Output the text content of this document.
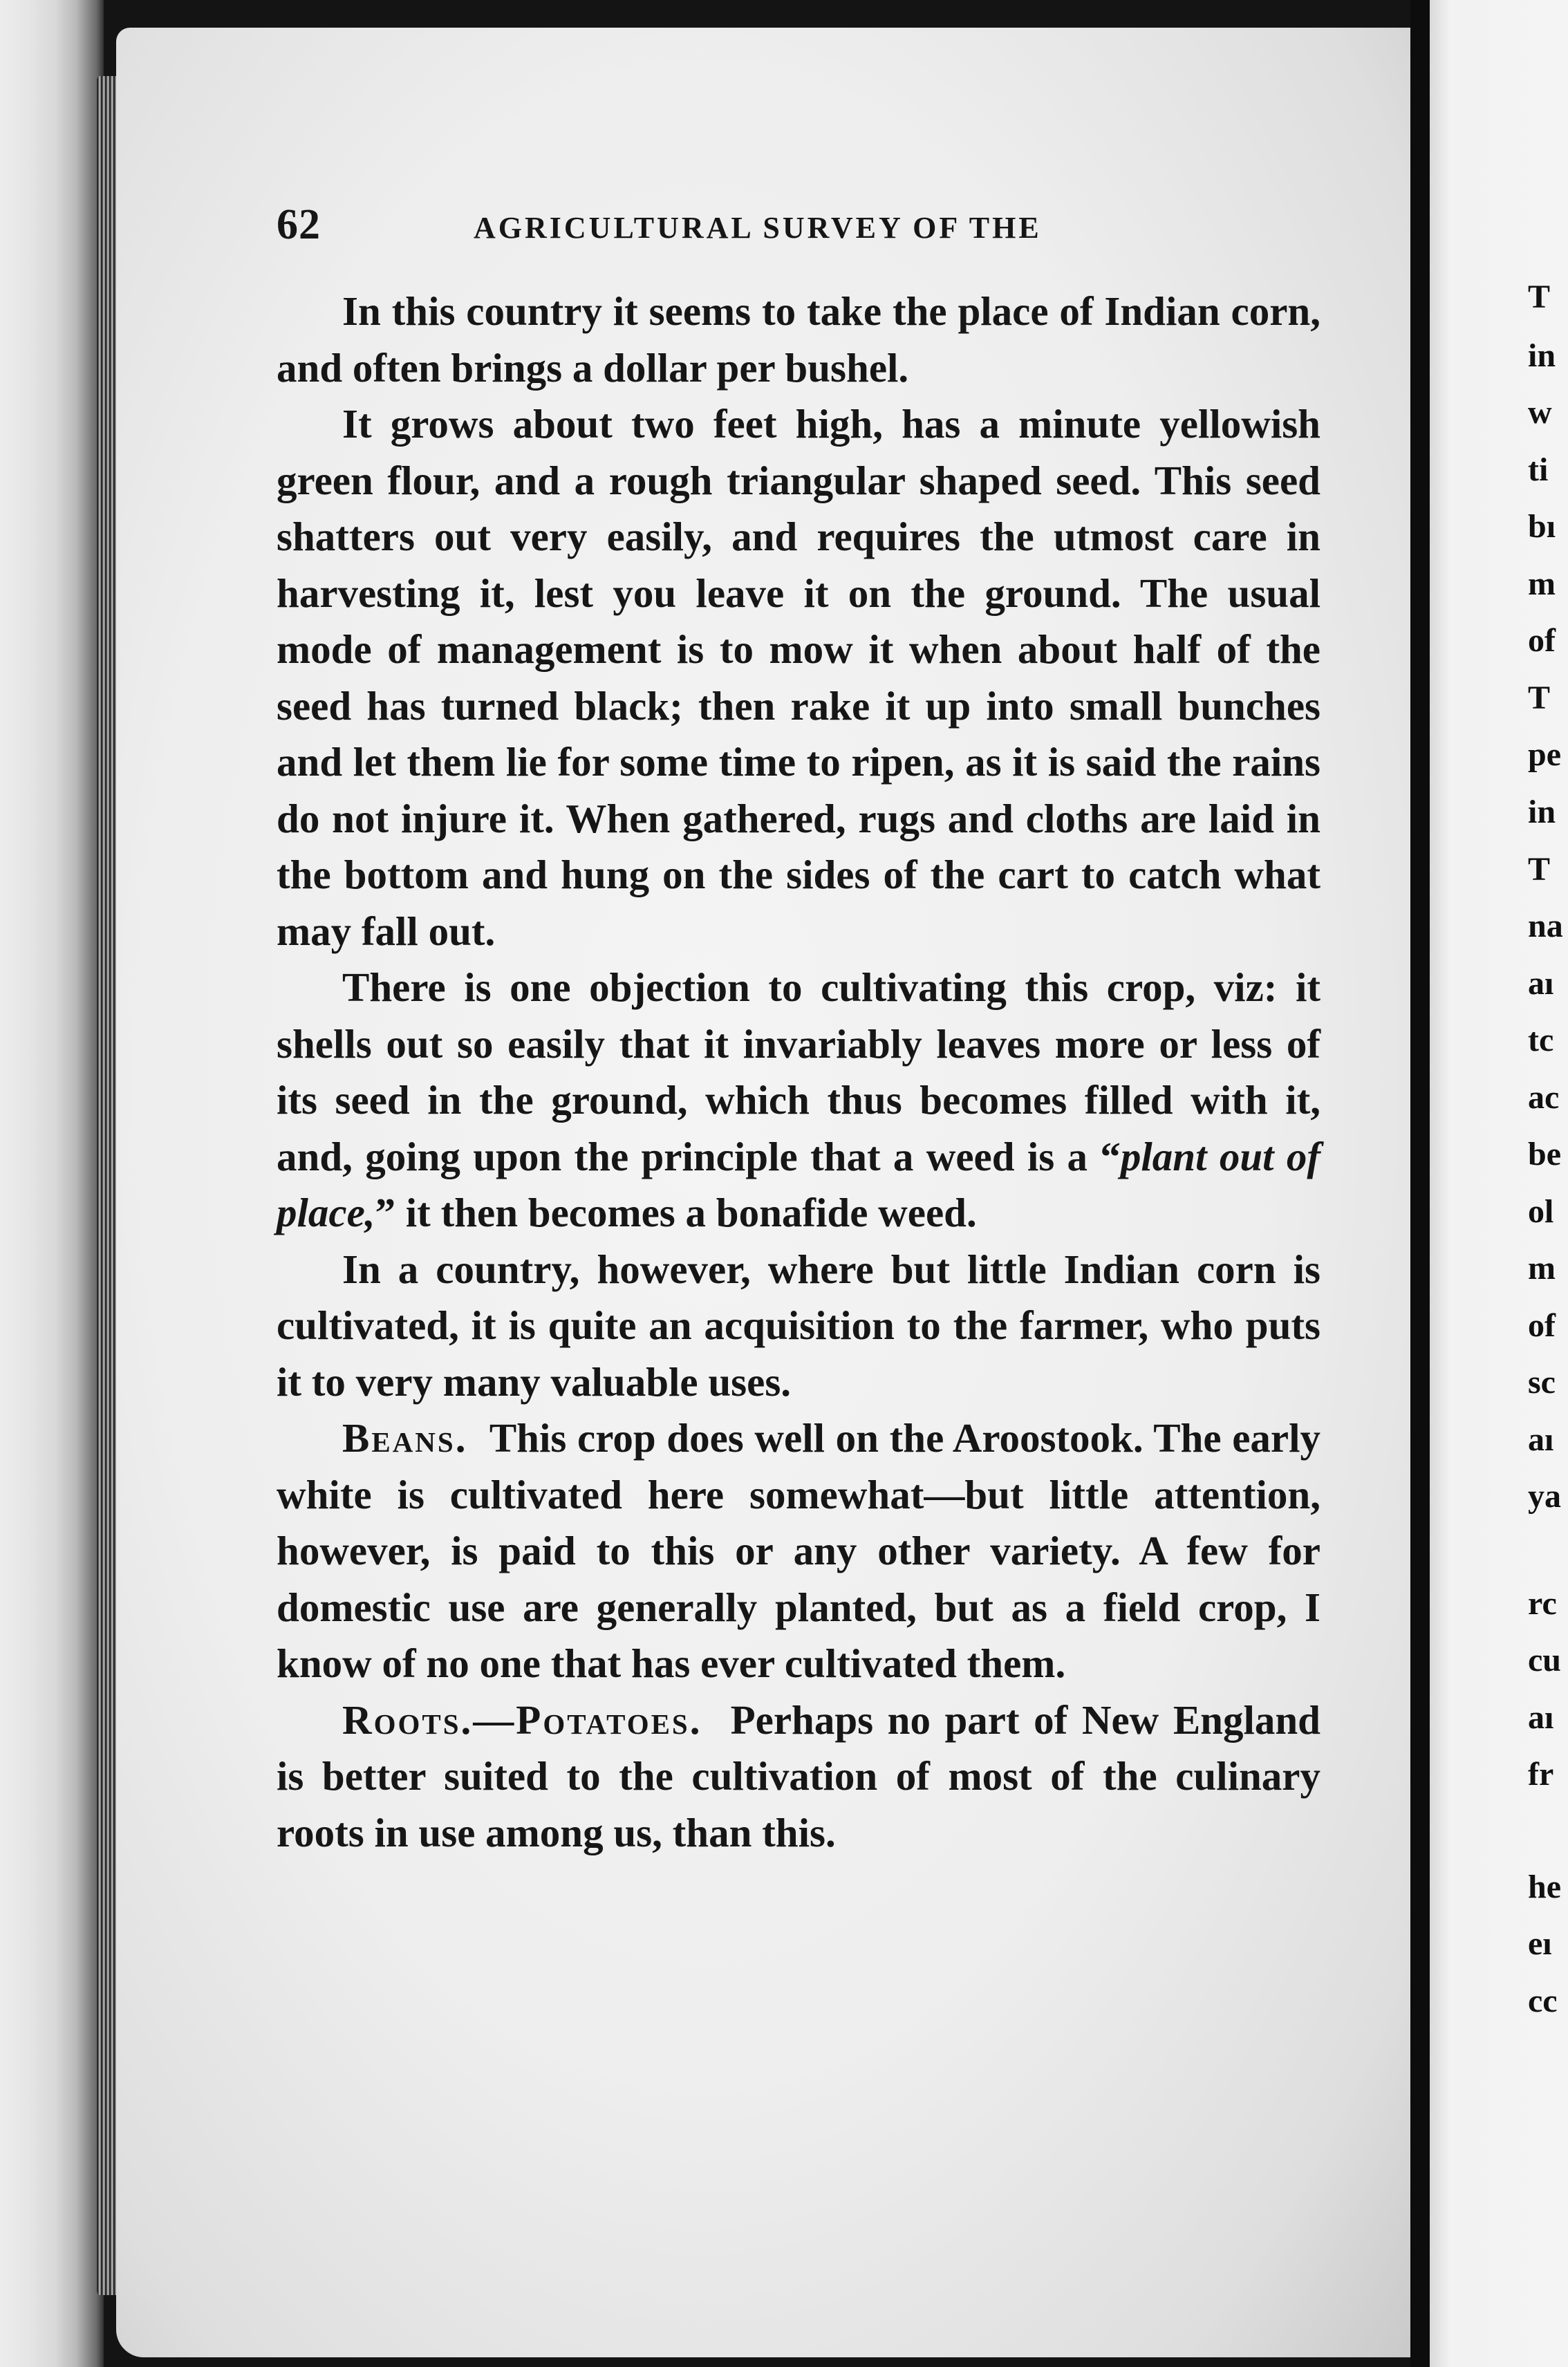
62	AGRICULTURAL SURVEY OF THE

In this country it seems to take the place of Indian corn, and often brings a dollar per bushel.

It grows about two feet high, has a minute yellowish green flour, and a rough triangular shaped seed. This seed shatters out very easily, and requires the utmost care in harvesting it, lest you leave it on the ground. The usual mode of management is to mow it when about half of the seed has turned black; then rake it up into small bunches and let them lie for some time to ripen, as it is said the rains do not injure it. When gathered, rugs and cloths are laid in the bottom and hung on the sides of the cart to catch what may fall out.

There is one objection to cultivating this crop, viz: it shells out so easily that it invariably leaves more or less of its seed in the ground, which thus becomes filled with it, and, going upon the principle that a weed is a “plant out of place,” it then becomes a bonafide weed.

In a country, however, where but little Indian corn is cultivated, it is quite an acquisition to the farmer, who puts it to very many valuable uses.

Beans. This crop does well on the Aroostook. The early white is cultivated here somewhat—but little attention, however, is paid to this or any other variety. A few for domestic use are generally planted, but as a field crop, I know of no one that has ever cultivated them.

Roots.—Potatoes. Perhaps no part of New England is better suited to the cultivation of most of the culinary roots in use among us, than this.

T
in
w
ti
bı
m
of
T
pe
in
T
na
aı
tc
ac
be
ol
m
of
sc
aı
ya
rc
cu
aı
fr
he
eı
cc
